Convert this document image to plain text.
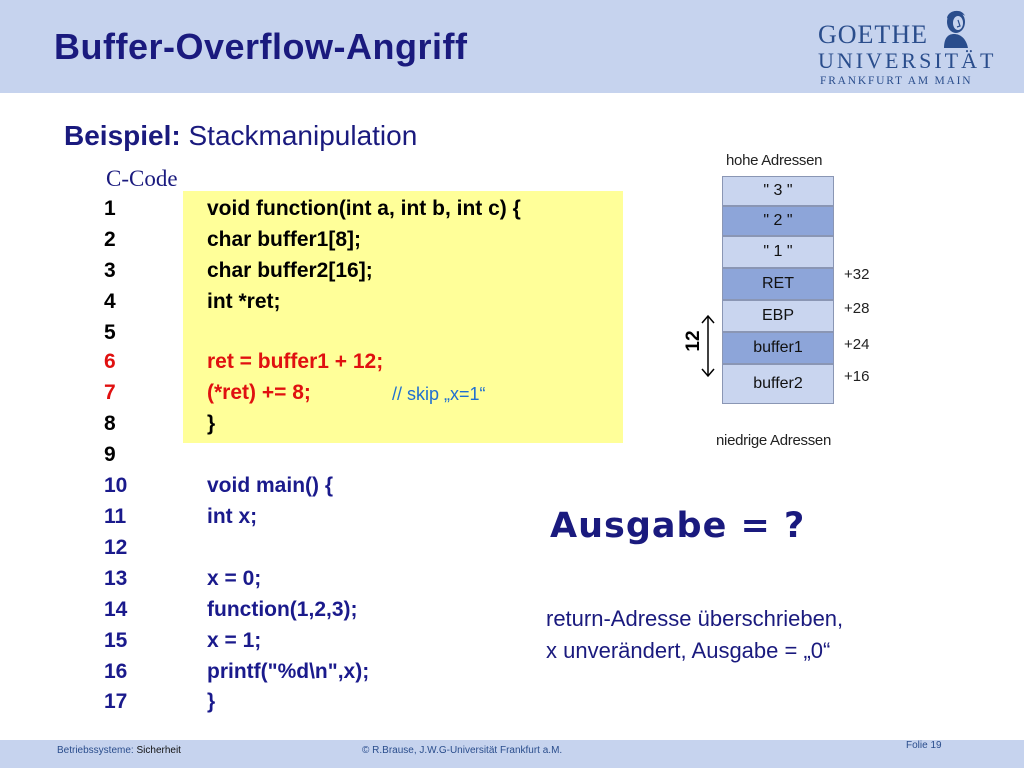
Buffer-Overflow-Angriff	GOETHE
UNIVERSITÄT
FRANKFURT AM MAIN
Beispiel: Stackmanipulation
C-Code
1	void function(int a, int b, int c) {
2	char buffer1[8];
3	char buffer2[16];
4	int *ret;
5
6	ret = buffer1 + 12;
7	(*ret) += 8;	// skip „x=1“
8	}
9
10	void main() {
11	int x;
12
13	x = 0;
14	function(1,2,3);
15	x = 1;
16	printf("%d\n",x);
17	}
hohe Adressen
" 3 "
" 2 "
" 1 "
RET
EBP
buffer1
buffer2
+32
+28
+24
+16
12
niedrige Adressen
Ausgabe = ?
return-Adresse überschrieben,
x unverändert, Ausgabe = „0“
Betriebssysteme: Sicherheit	© R.Brause, J.W.G-Universität Frankfurt a.M.	Folie 19
